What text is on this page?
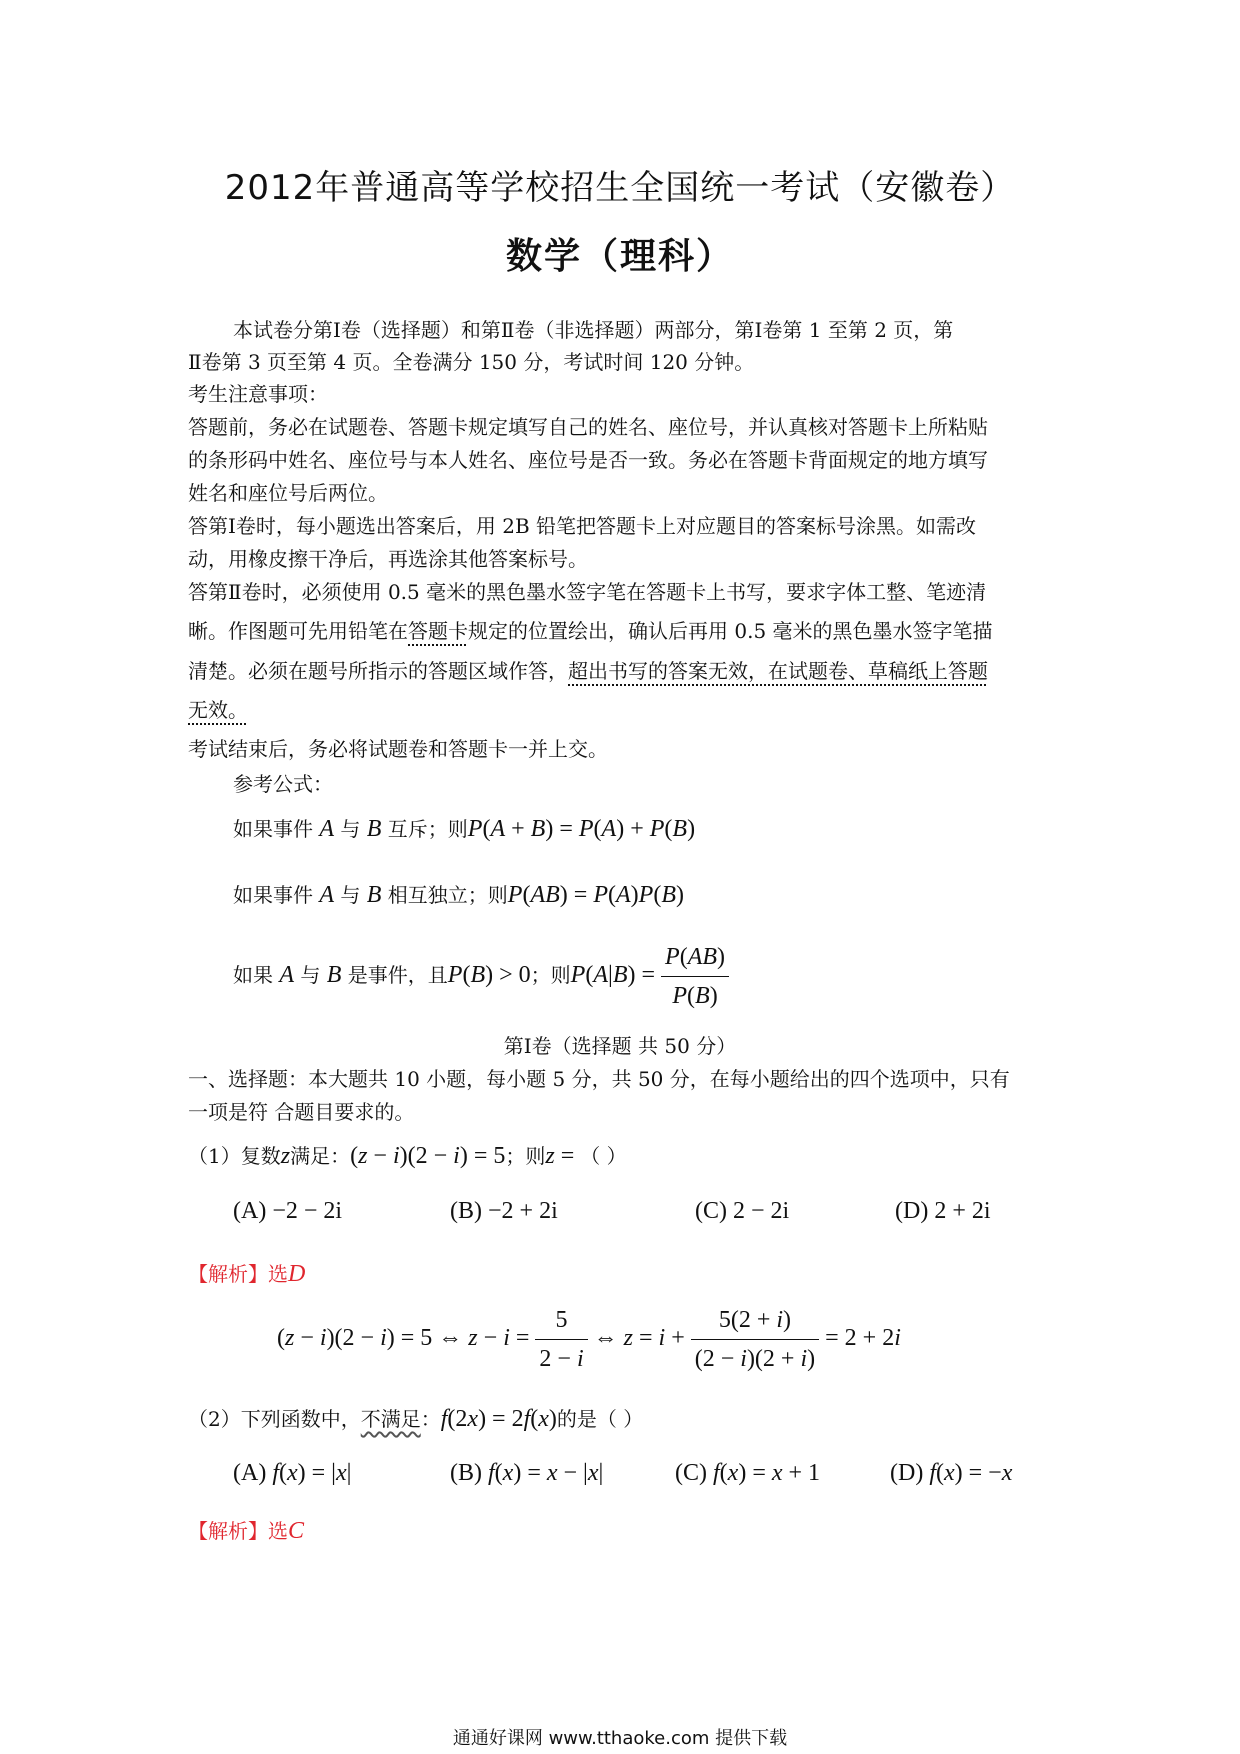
2012年普通高等学校招生全国统一考试（安徽卷）
数学（理科）
本试卷分第Ⅰ卷（选择题）和第Ⅱ卷（非选择题）两部分，第Ⅰ卷第 1 至第 2 页，第
Ⅱ卷第 3 页至第 4 页。全卷满分 150 分，考试时间 120 分钟。
考生注意事项：
答题前，务必在试题卷、答题卡规定填写自己的姓名、座位号，并认真核对答题卡上所粘贴
的条形码中姓名、座位号与本人姓名、座位号是否一致。务必在答题卡背面规定的地方填写
姓名和座位号后两位。
答第Ⅰ卷时，每小题选出答案后，用 2B 铅笔把答题卡上对应题目的答案标号涂黑。如需改
动，用橡皮擦干净后，再选涂其他答案标号。
答第Ⅱ卷时，必须使用 0.5 毫米的黑色墨水签字笔在答题卡上书写，要求字体工整、笔迹清
晰。作图题可先用铅笔在答题卡规定的位置绘出，确认后再用 0.5 毫米的黑色墨水签字笔描
清楚。必须在题号所指示的答题区域作答，超出书写的答案无效，在试题卷、草稿纸上答题
无效。
考试结束后，务必将试题卷和答题卡一并上交。
参考公式：
如果事件 A 与 B 互斥；则P(A + B) = P(A) + P(B)
如果事件 A 与 B 相互独立；则P(AB) = P(A)P(B)
如果 A 与 B 是事件，且P(B) > 0；则$P(A|B) = \frac{P(AB)}{P(B)}$
第Ⅰ卷（选择题 共 50 分）
一、选择题：本大题共 10 小题，每小题 5 分，共 50 分，在每小题给出的四个选项中，只有
一项是符 合题目要求的。
（1）复数z满足：(z − i)(2 − i) = 5；则z = （ ）
(A) −2 − 2i	(B) −2 + 2i	(C) 2 − 2i	(D) 2 + 2i
【解析】选D
(z − i)(2 − i) = 5 ⇔ $z - i = \frac{5}{2 - i}$ ⇔ $z = i + \frac{5(2 + i)}{(2 - i)(2 + i)} = 2 + 2i$
（2）下列函数中，不满足：f(2x) = 2f(x)的是（ ）
(A) f(x) = |x|	(B) f(x) = x − |x|	(C) f(x) = x + 1	(D) f(x) = −x
【解析】选C
通通好课网 www.tthaoke.com 提供下载
